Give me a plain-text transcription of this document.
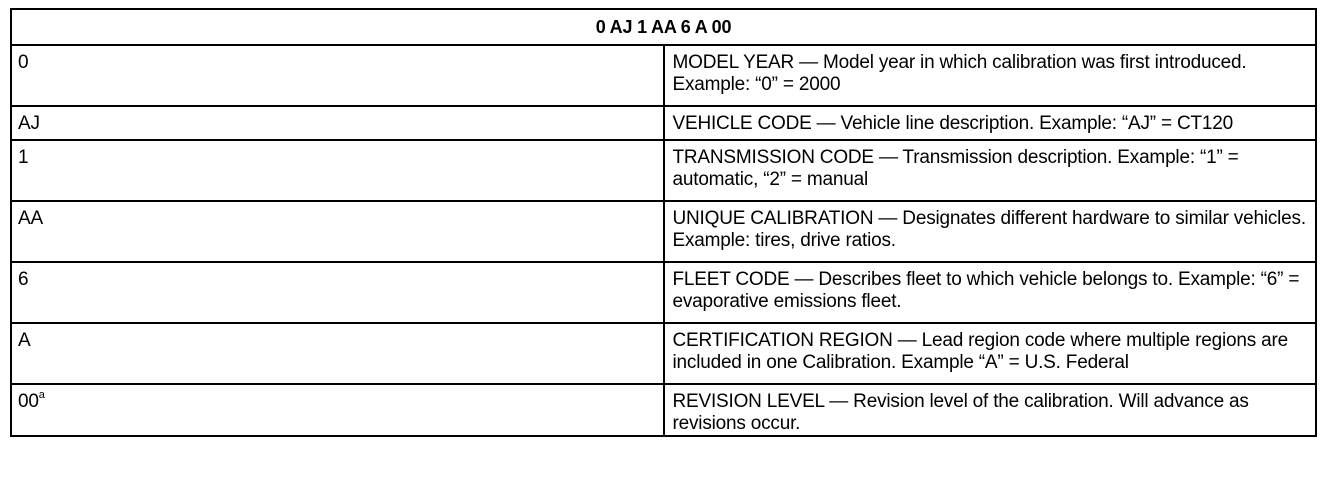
0 AJ 1 AA 6 A 00	
0	MODEL YEAR — Model year in which calibration was first introduced. Example: “0” = 2000
AJ	VEHICLE CODE — Vehicle line description. Example: “AJ” = CT120
1	TRANSMISSION CODE — Transmission description. Example: “1” = automatic, “2” = manual
AA	UNIQUE CALIBRATION — Designates different hardware to similar vehicles. Example: tires, drive ratios.
6	FLEET CODE — Describes fleet to which vehicle belongs to. Example: “6” = evaporative emissions fleet.
A	CERTIFICATION REGION — Lead region code where multiple regions are included in one Calibration. Example “A” = U.S. Federal
00$^a$	REVISION LEVEL — Revision level of the calibration. Will advance as revisions occur.
